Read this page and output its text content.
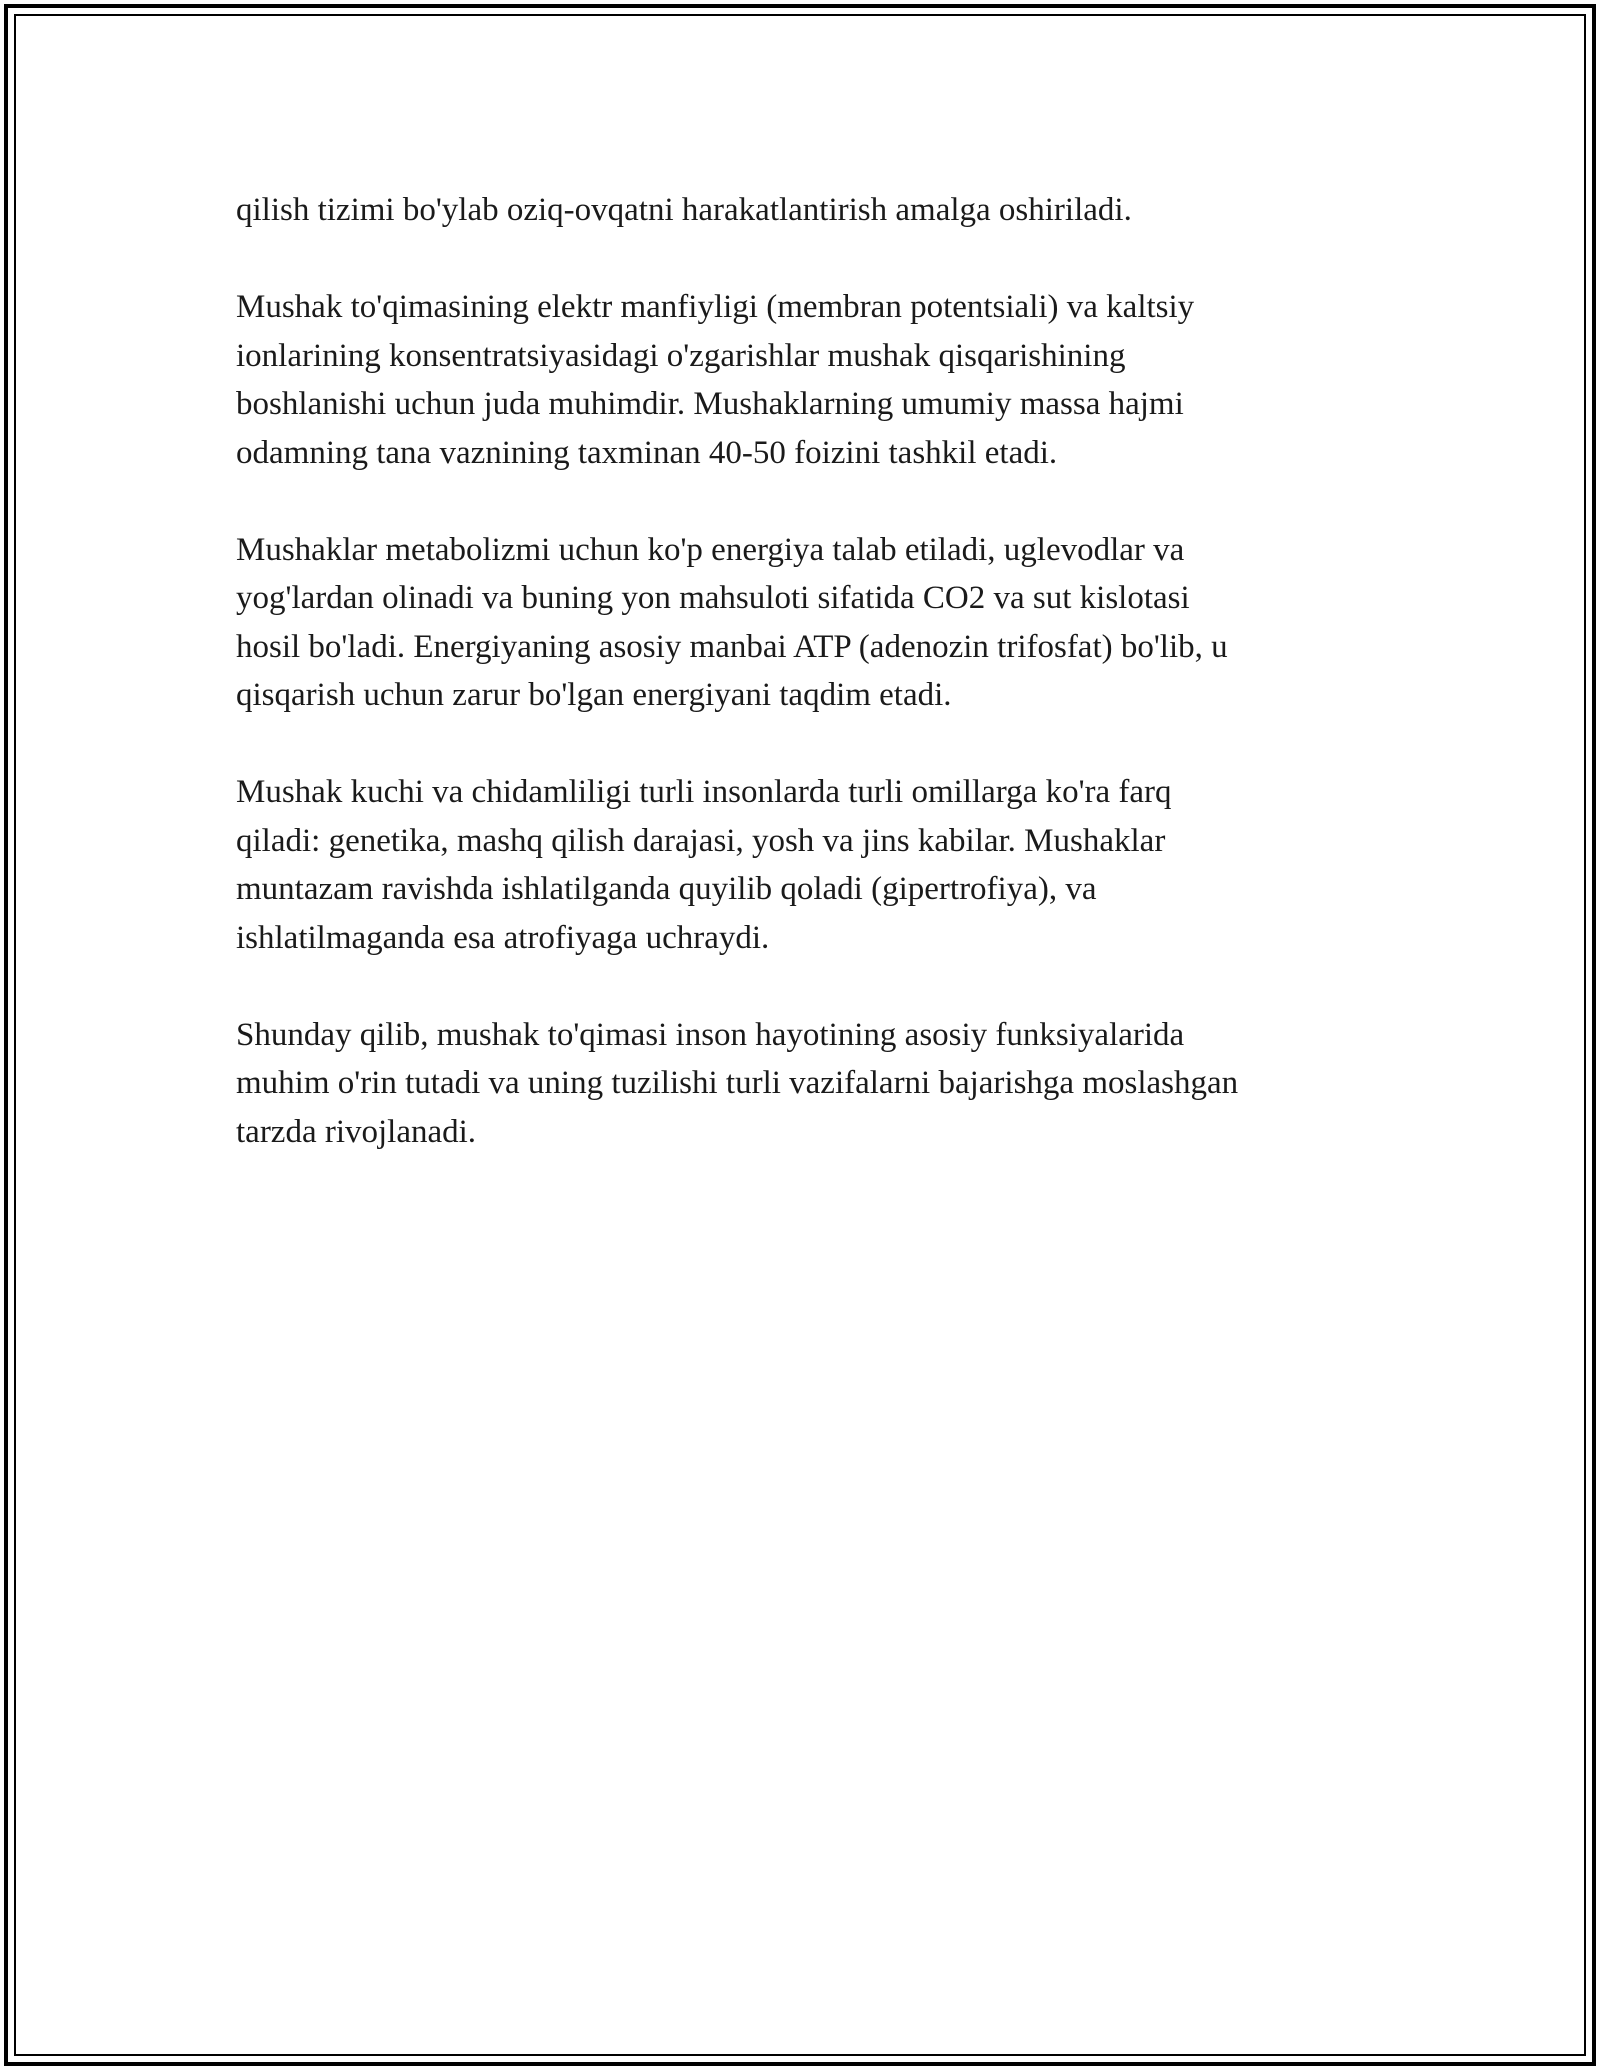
qilish tizimi bo'ylab oziq-ovqatni harakatlantirish amalga oshiriladi.

Mushak to'qimasining elektr manfiyligi (membran potentsiali) va kaltsiy
ionlarining konsentratsiyasidagi o'zgarishlar mushak qisqarishining
boshlanishi uchun juda muhimdir. Mushaklarning umumiy massa hajmi
odamning tana vaznining taxminan 40-50 foizini tashkil etadi.

Mushaklar metabolizmi uchun ko'p energiya talab etiladi, uglevodlar va
yog'lardan olinadi va buning yon mahsuloti sifatida CO2 va sut kislotasi
hosil bo'ladi. Energiyaning asosiy manbai ATP (adenozin trifosfat) bo'lib, u
qisqarish uchun zarur bo'lgan energiyani taqdim etadi.

Mushak kuchi va chidamliligi turli insonlarda turli omillarga ko'ra farq
qiladi: genetika, mashq qilish darajasi, yosh va jins kabilar. Mushaklar
muntazam ravishda ishlatilganda quyilib qoladi (gipertrofiya), va
ishlatilmaganda esa atrofiyaga uchraydi.

Shunday qilib, mushak to'qimasi inson hayotining asosiy funksiyalarida
muhim o'rin tutadi va uning tuzilishi turli vazifalarni bajarishga moslashgan
tarzda rivojlanadi.
